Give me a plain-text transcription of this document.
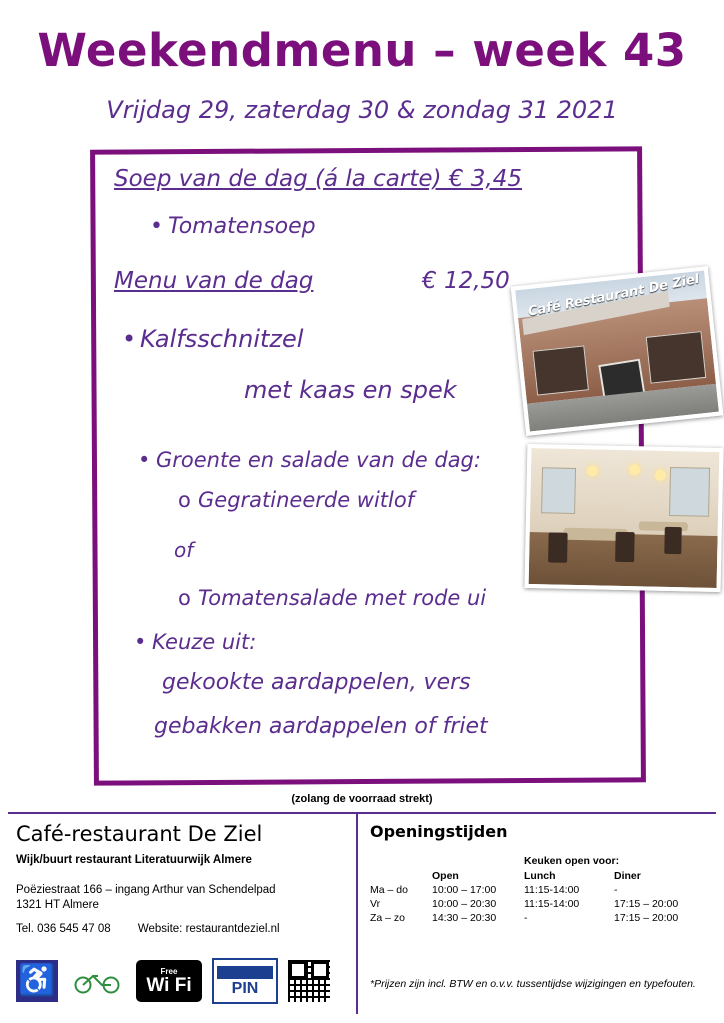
Weekendmenu – week 43
Vrijdag 29, zaterdag 30 & zondag 31 2021
Soep van de dag (á la carte) € 3,45
• Tomatensoep
Menu van de dag	€ 12,50
• Kalfsschnitzel
met kaas en spek
• Groente en salade van de dag:
o Gegratineerde witlof
of
o Tomatensalade met rode ui
• Keuze uit:
gekookte aardappelen, vers
gebakken aardappelen of friet
Café Restaurant De Ziel
(zolang de voorraad strekt)
Café-restaurant De Ziel
Wijk/buurt restaurant Literatuurwijk Almere
Poëziestraat 166 – ingang Arthur van Schendelpad
1321 HT Almere
Tel. 036 545 47 08 Website: restaurantdeziel.nl
♿	Free
Wi Fi	PIN
Openingstijden
Keuken open voor:
	Open	Lunch	Diner
Ma – do	10:00 – 17:00	11:15-14:00	-
Vr	10:00 – 20:30	11:15-14:00	17:15 – 20:00
Za – zo	14:30 – 20:30	-	17:15 – 20:00
*Prijzen zijn incl. BTW en o.v.v. tussentijdse wijzigingen en typefouten.
